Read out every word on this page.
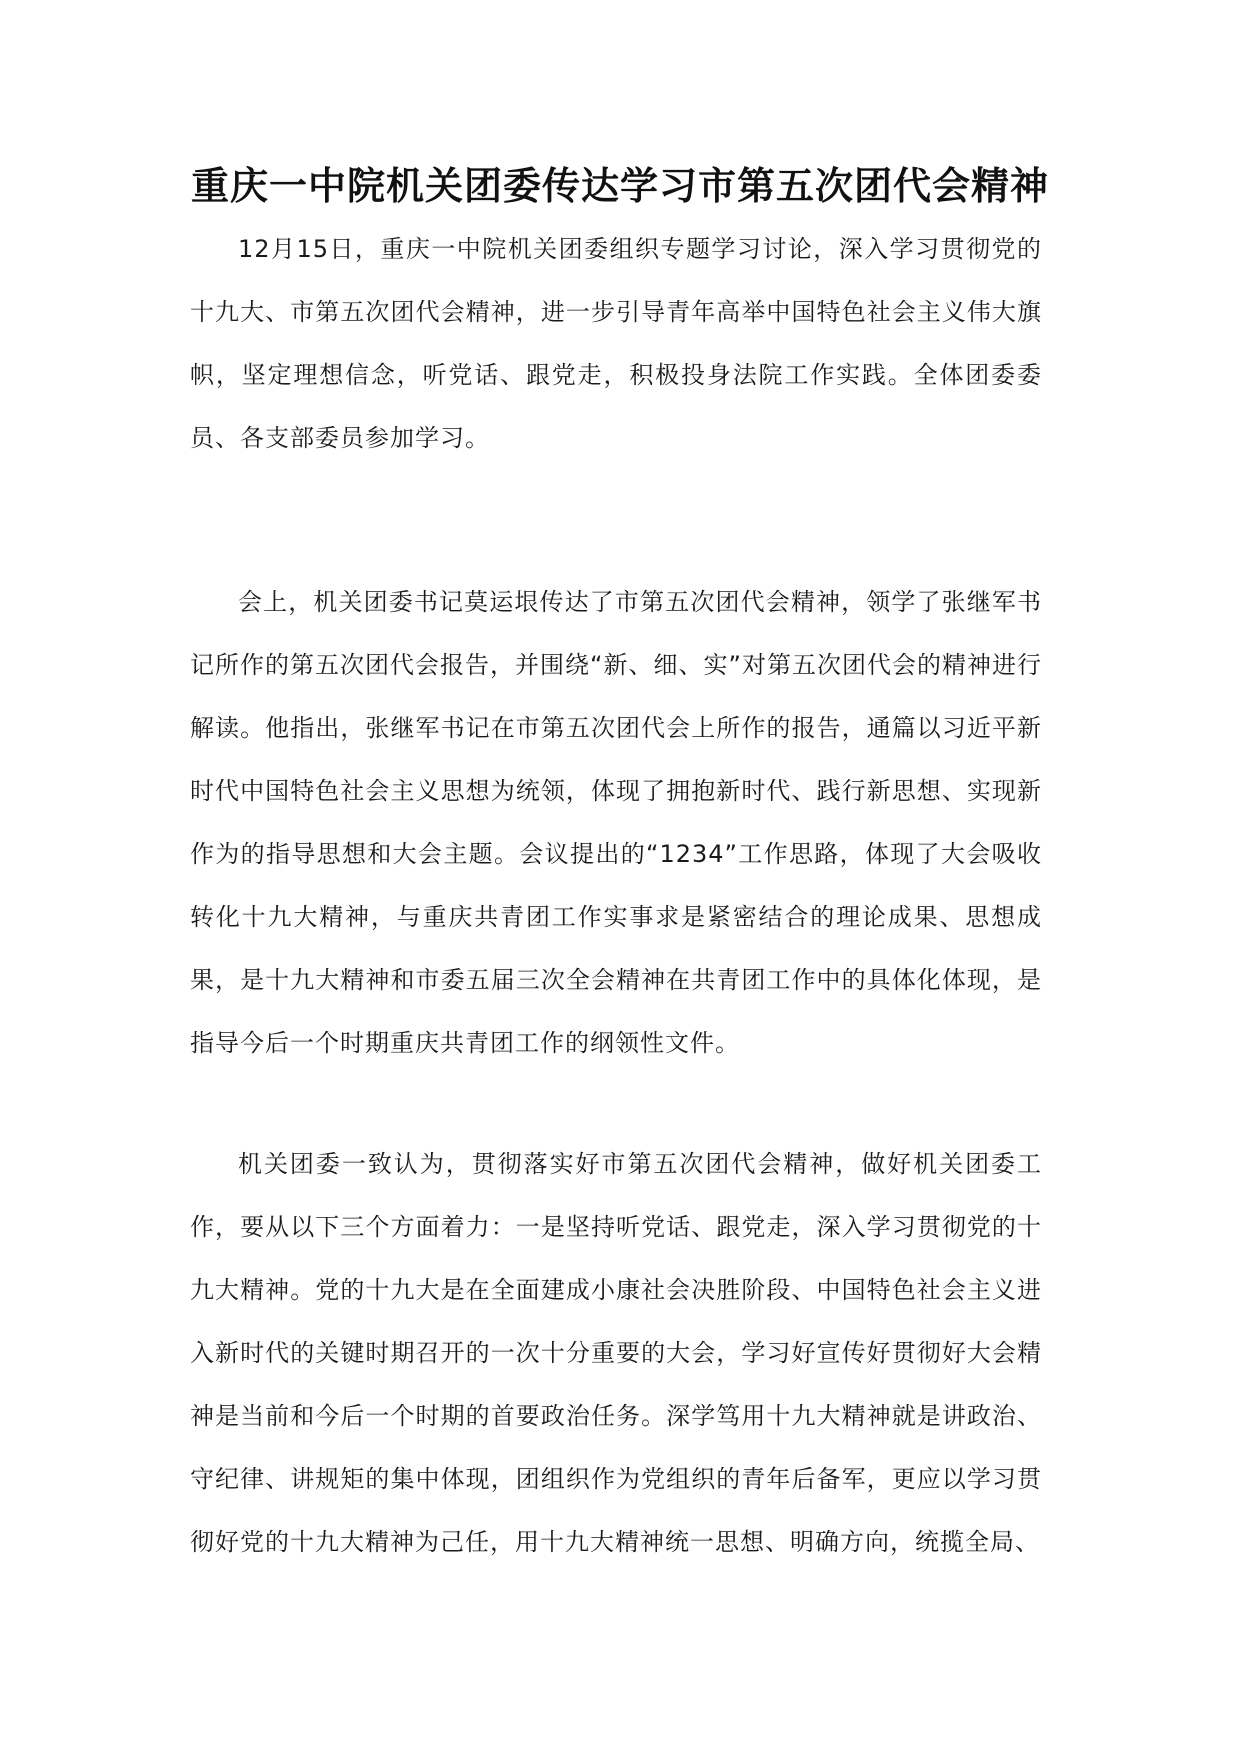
重庆一中院机关团委传达学习市第五次团代会精神

12月15日，重庆一中院机关团委组织专题学习讨论，深入学习贯彻党的十九大、市第五次团代会精神，进一步引导青年高举中国特色社会主义伟大旗帜，坚定理想信念，听党话、跟党走，积极投身法院工作实践。全体团委委员、各支部委员参加学习。

会上，机关团委书记莫运垠传达了市第五次团代会精神，领学了张继军书记所作的第五次团代会报告，并围绕“新、细、实”对第五次团代会的精神进行解读。他指出，张继军书记在市第五次团代会上所作的报告，通篇以习近平新时代中国特色社会主义思想为统领，体现了拥抱新时代、践行新思想、实现新作为的指导思想和大会主题。会议提出的“1234”工作思路，体现了大会吸收转化十九大精神，与重庆共青团工作实事求是紧密结合的理论成果、思想成果，是十九大精神和市委五届三次全会精神在共青团工作中的具体化体现，是指导今后一个时期重庆共青团工作的纲领性文件。

机关团委一致认为，贯彻落实好市第五次团代会精神，做好机关团委工作，要从以下三个方面着力：一是坚持听党话、跟党走，深入学习贯彻党的十九大精神。党的十九大是在全面建成小康社会决胜阶段、中国特色社会主义进入新时代的关键时期召开的一次十分重要的大会，学习好宣传好贯彻好大会精神是当前和今后一个时期的首要政治任务。深学笃用十九大精神就是讲政治、守纪律、讲规矩的集中体现，团组织作为党组织的青年后备军，更应以学习贯彻好党的十九大精神为己任，用十九大精神统一思想、明确方向，统揽全局、
